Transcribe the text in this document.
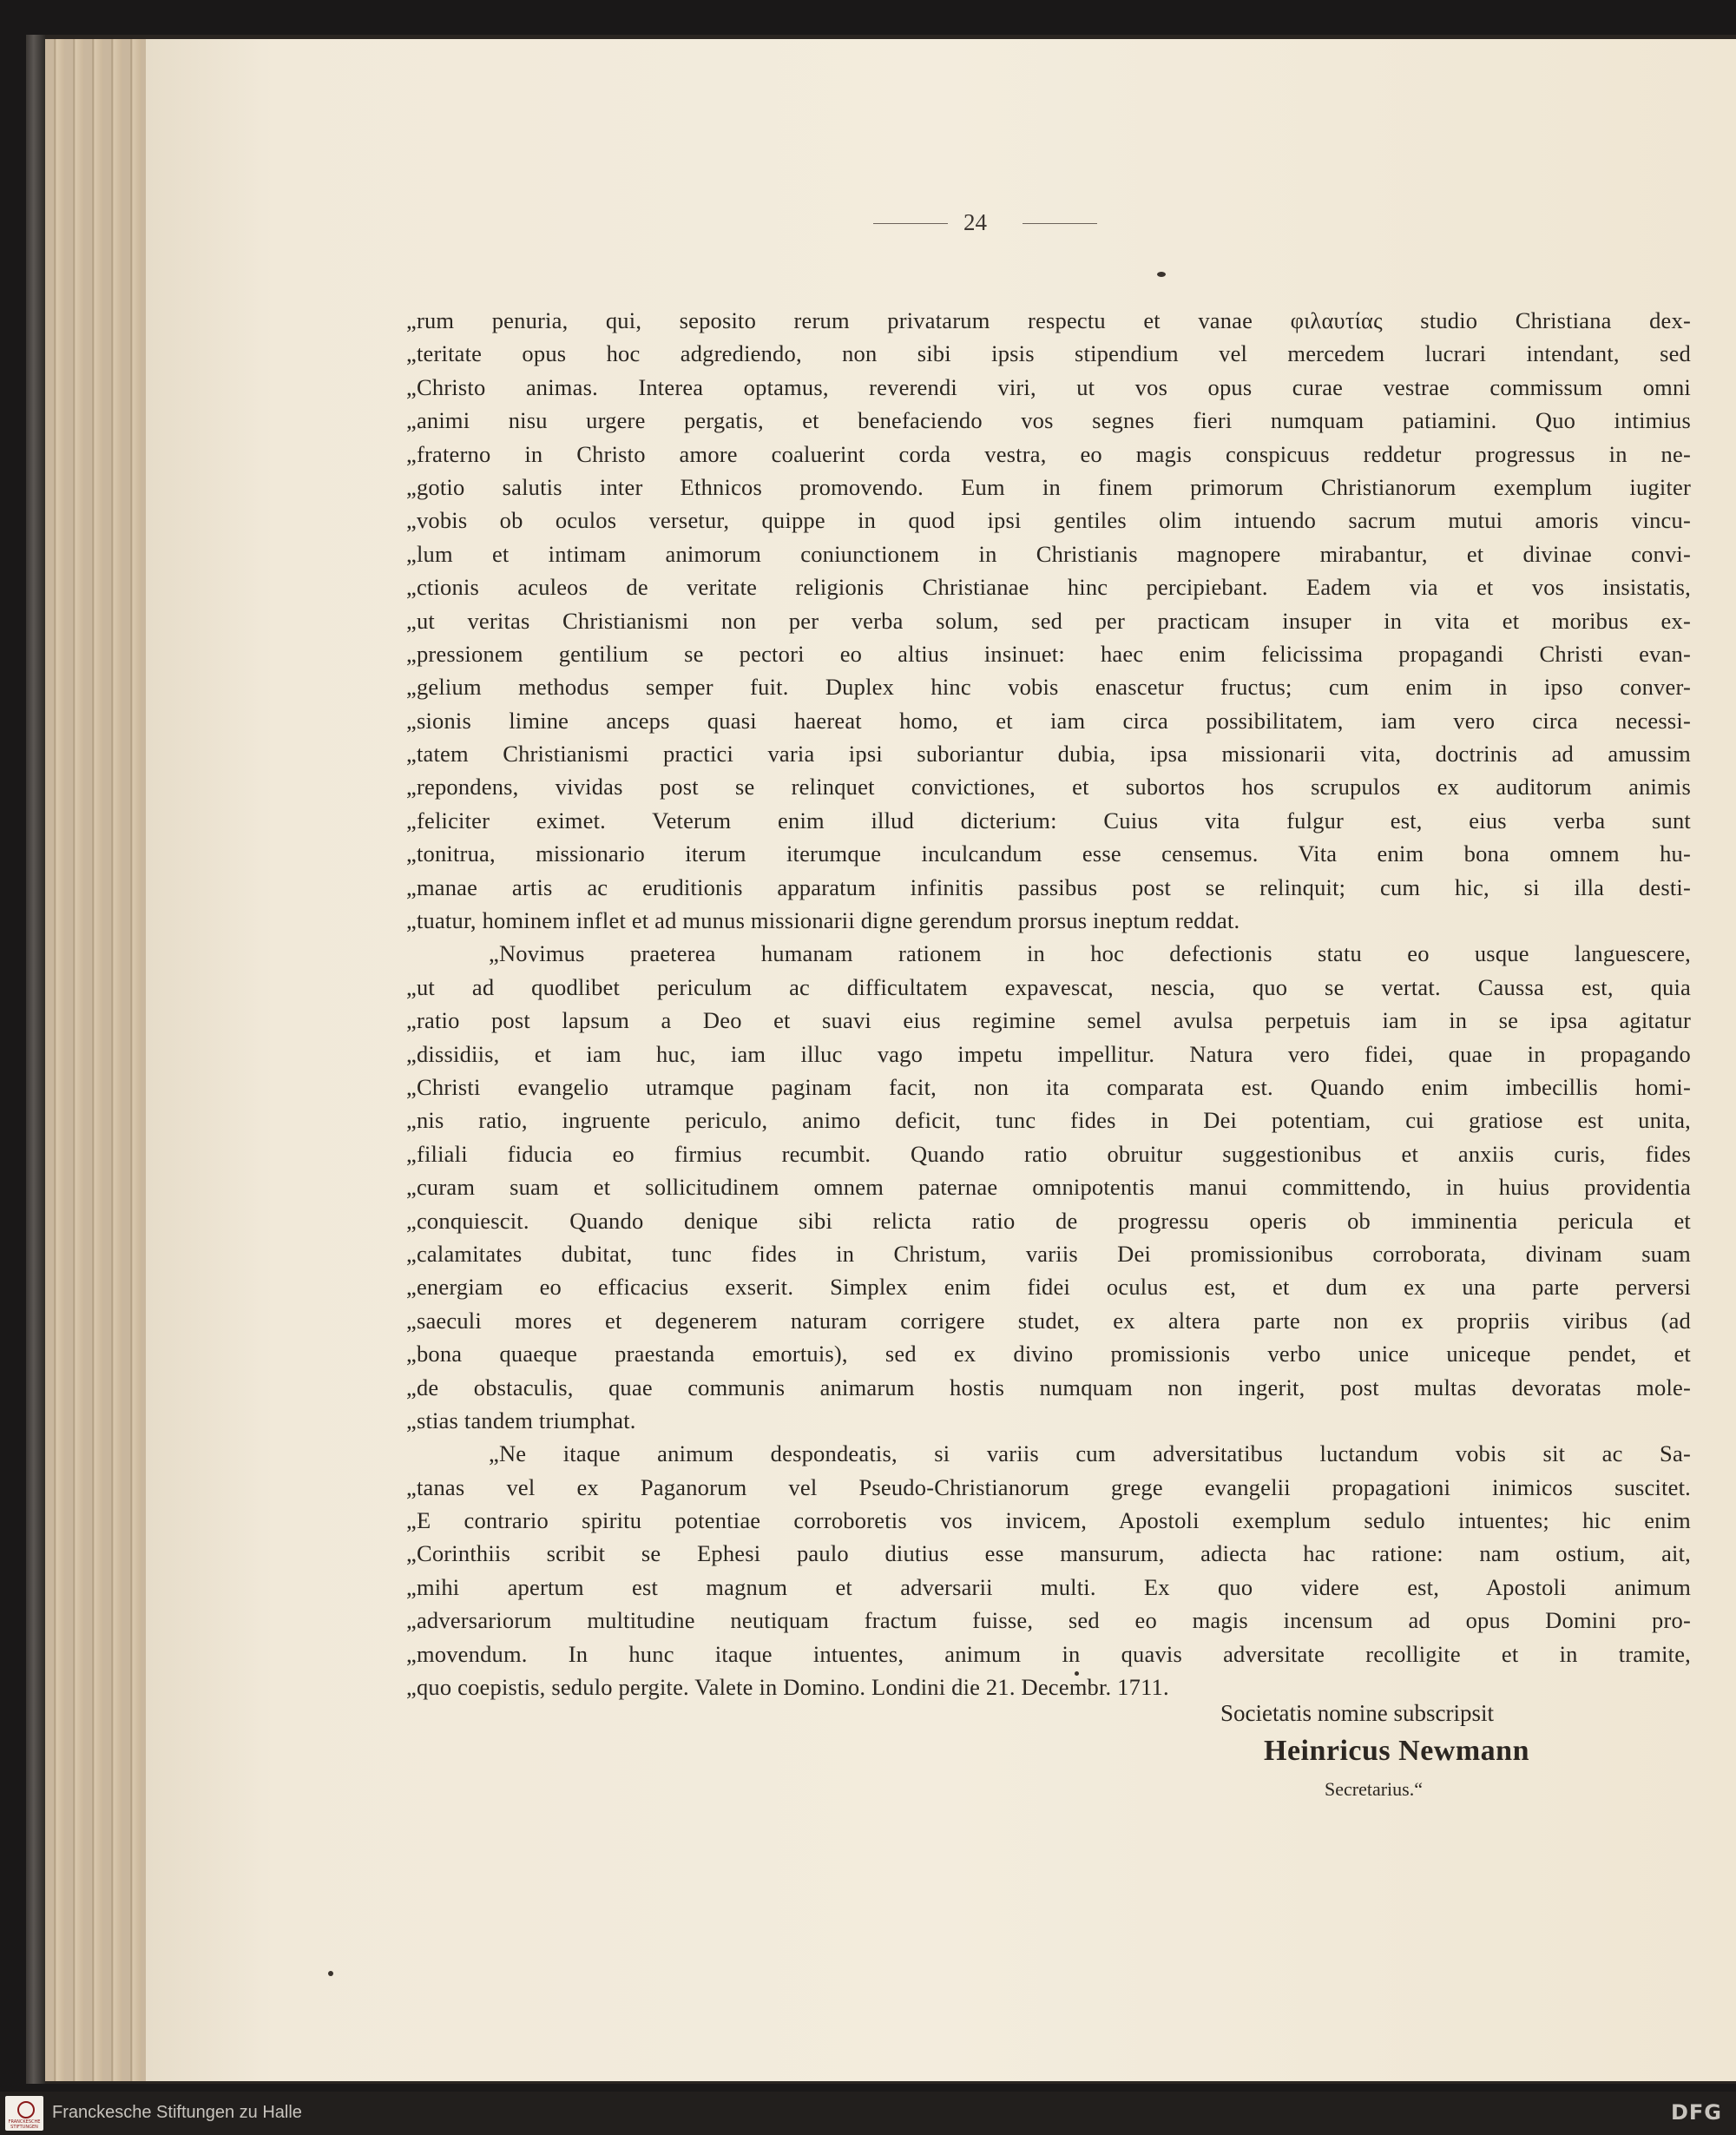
24
„rum penuria, qui, seposito rerum privatarum respectu et vanae φιλαυτίας studio Christiana dex-
„teritate opus hoc adgrediendo, non sibi ipsis stipendium vel mercedem lucrari intendant, sed
„Christo animas. Interea optamus, reverendi viri, ut vos opus curae vestrae commissum omni
„animi nisu urgere pergatis, et benefaciendo vos segnes fieri numquam patiamini. Quo intimius
„fraterno in Christo amore coaluerint corda vestra, eo magis conspicuus reddetur progressus in ne-
„gotio salutis inter Ethnicos promovendo. Eum in finem primorum Christianorum exemplum iugiter
„vobis ob oculos versetur, quippe in quod ipsi gentiles olim intuendo sacrum mutui amoris vincu-
„lum et intimam animorum coniunctionem in Christianis magnopere mirabantur, et divinae convi-
„ctionis aculeos de veritate religionis Christianae hinc percipiebant. Eadem via et vos insistatis,
„ut veritas Christianismi non per verba solum, sed per practicam insuper in vita et moribus ex-
„pressionem gentilium se pectori eo altius insinuet: haec enim felicissima propagandi Christi evan-
„gelium methodus semper fuit. Duplex hinc vobis enascetur fructus; cum enim in ipso conver-
„sionis limine anceps quasi haereat homo, et iam circa possibilitatem, iam vero circa necessi-
„tatem Christianismi practici varia ipsi suboriantur dubia, ipsa missionarii vita, doctrinis ad amussim
„repondens, vividas post se relinquet convictiones, et subortos hos scrupulos ex auditorum animis
„feliciter eximet. Veterum enim illud dicterium: Cuius vita fulgur est, eius verba sunt
„tonitrua, missionario iterum iterumque inculcandum esse censemus. Vita enim bona omnem hu-
„manae artis ac eruditionis apparatum infinitis passibus post se relinquit; cum hic, si illa desti-
„tuatur, hominem inflet et ad munus missionarii digne gerendum prorsus ineptum reddat.
„Novimus praeterea humanam rationem in hoc defectionis statu eo usque languescere,
„ut ad quodlibet periculum ac difficultatem expavescat, nescia, quo se vertat. Caussa est, quia
„ratio post lapsum a Deo et suavi eius regimine semel avulsa perpetuis iam in se ipsa agitatur
„dissidiis, et iam huc, iam illuc vago impetu impellitur. Natura vero fidei, quae in propagando
„Christi evangelio utramque paginam facit, non ita comparata est. Quando enim imbecillis homi-
„nis ratio, ingruente periculo, animo deficit, tunc fides in Dei potentiam, cui gratiose est unita,
„filiali fiducia eo firmius recumbit. Quando ratio obruitur suggestionibus et anxiis curis, fides
„curam suam et sollicitudinem omnem paternae omnipotentis manui committendo, in huius providentia
„conquiescit. Quando denique sibi relicta ratio de progressu operis ob imminentia pericula et
„calamitates dubitat, tunc fides in Christum, variis Dei promissionibus corroborata, divinam suam
„energiam eo efficacius exserit. Simplex enim fidei oculus est, et dum ex una parte perversi
„saeculi mores et degenerem naturam corrigere studet, ex altera parte non ex propriis viribus (ad
„bona quaeque praestanda emortuis), sed ex divino promissionis verbo unice uniceque pendet, et
„de obstaculis, quae communis animarum hostis numquam non ingerit, post multas devoratas mole-
„stias tandem triumphat.
„Ne itaque animum despondeatis, si variis cum adversitatibus luctandum vobis sit ac Sa-
„tanas vel ex Paganorum vel Pseudo-Christianorum grege evangelii propagationi inimicos suscitet.
„E contrario spiritu potentiae corroboretis vos invicem, Apostoli exemplum sedulo intuentes; hic enim
„Corinthiis scribit se Ephesi paulo diutius esse mansurum, adiecta hac ratione: nam ostium, ait,
„mihi apertum est magnum et adversarii multi. Ex quo videre est, Apostoli animum
„adversariorum multitudine neutiquam fractum fuisse, sed eo magis incensum ad opus Domini pro-
„movendum. In hunc itaque intuentes, animum in quavis adversitate recolligite et in tramite,
„quo coepistis, sedulo pergite. Valete in Domino. Londini die 21. Decembr. 1711.
Societatis nomine subscripsit
Heinricus Newmann
Secretarius.“
FRANCKESCHE STIFTUNGEN
Franckesche Stiftungen zu Halle	DFG
